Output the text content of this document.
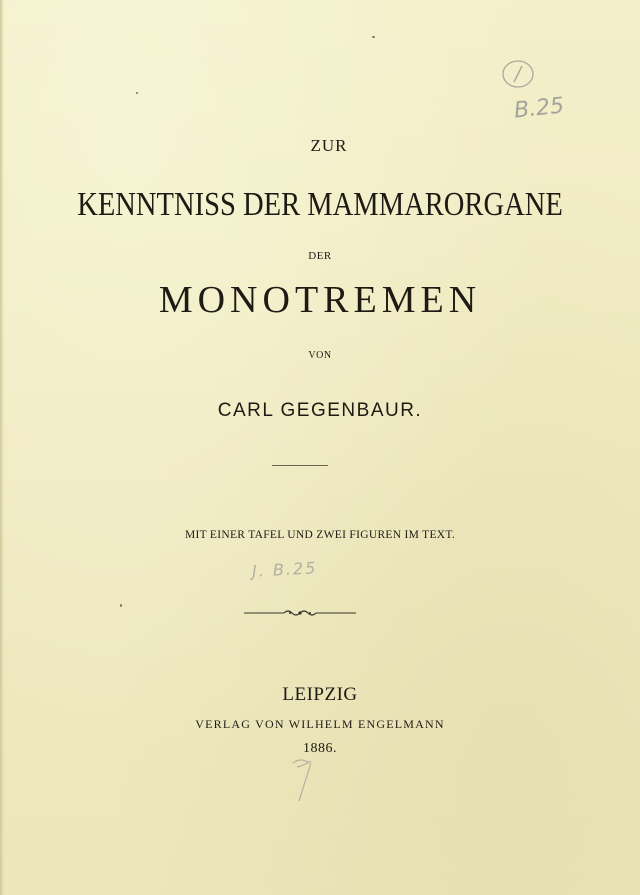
ZUR
KENNTNISS DER MAMMARORGANE
DER
MONOTREMEN
VON
CARL GEGENBAUR.
MIT EINER TAFEL UND ZWEI FIGUREN IM TEXT.
LEIPZIG
VERLAG VON WILHELM ENGELMANN
1886.
B.25
J. B.25
